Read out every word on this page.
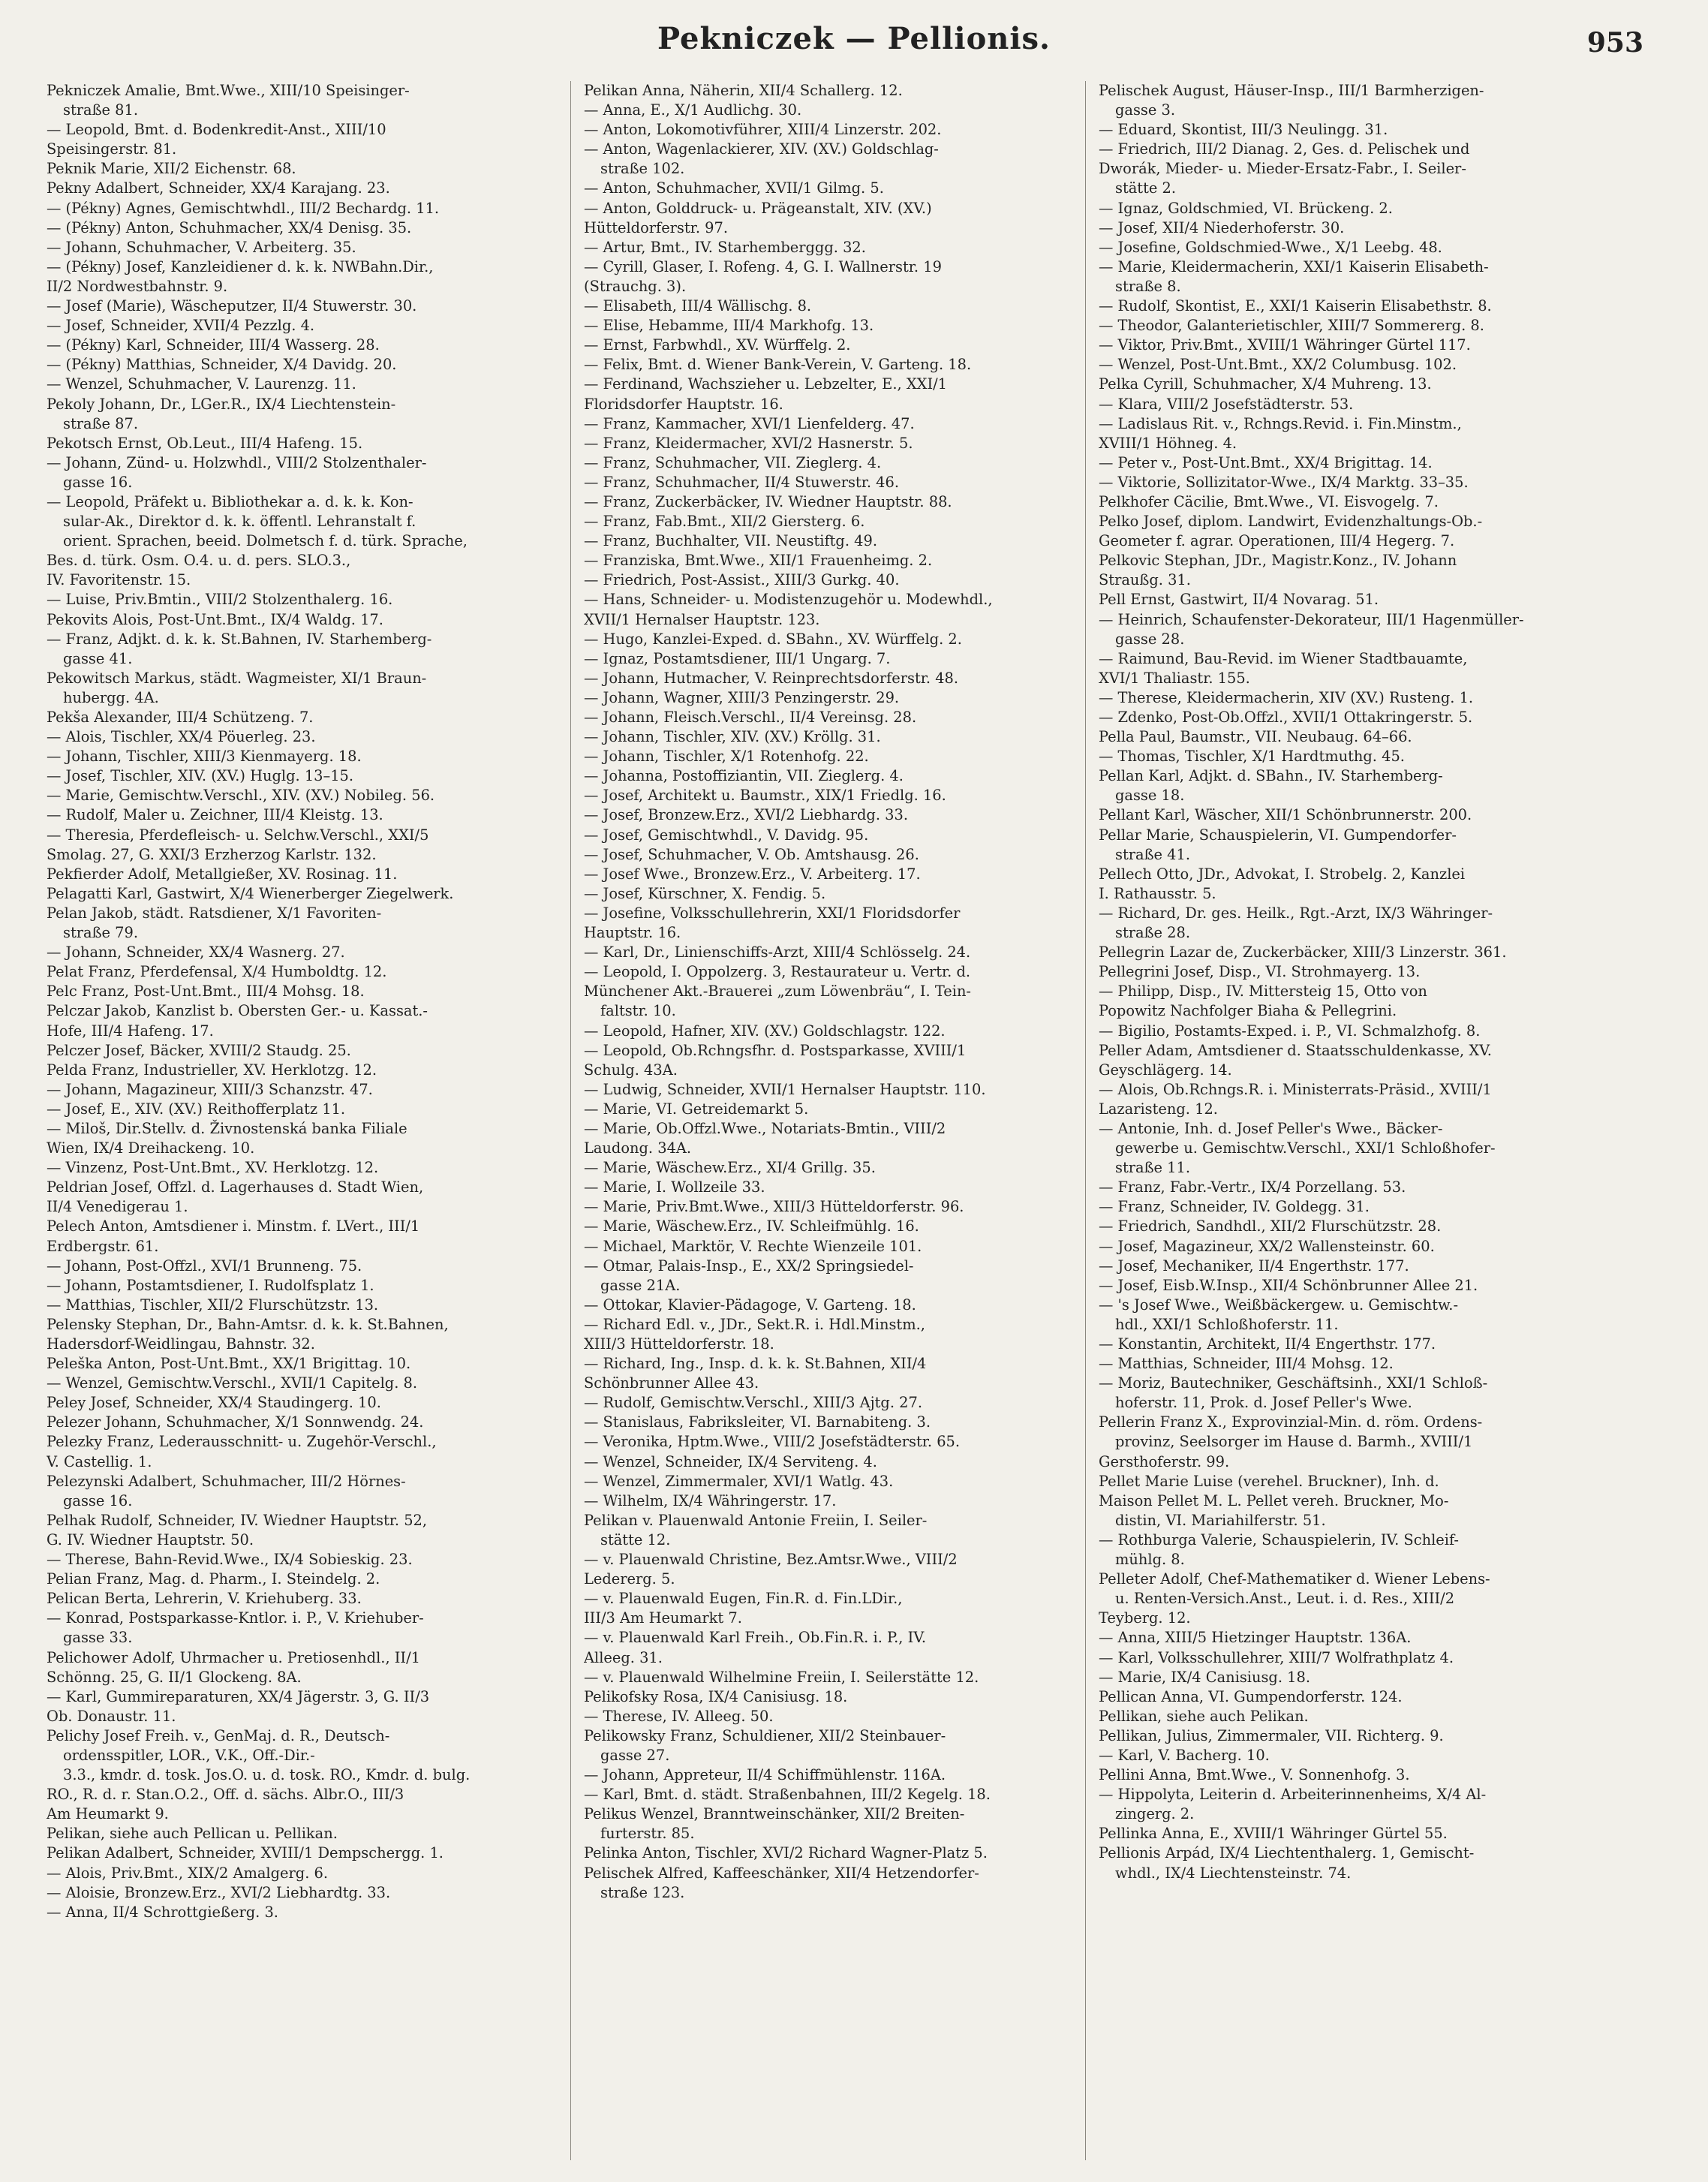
Pekniczek — Pellionis.	953
Pekniczek Amalie, Bmt.Wwe., XIII/10 Speisinger-
straße 81.
— Leopold, Bmt. d. Bodenkredit-Anst., XIII/10
Speisingerstr. 81.
Peknik Marie, XII/2 Eichenstr. 68.
Pekny Adalbert, Schneider, XX/4 Karajang. 23.
— (Pékny) Agnes, Gemischtwhdl., III/2 Bechardg. 11.
— (Pékny) Anton, Schuhmacher, XX/4 Denisg. 35.
— Johann, Schuhmacher, V. Arbeiterg. 35.
— (Pékny) Josef, Kanzleidiener d. k. k. NWBahn.Dir.,
II/2 Nordwestbahnstr. 9.
— Josef (Marie), Wäscheputzer, II/4 Stuwerstr. 30.
— Josef, Schneider, XVII/4 Pezzlg. 4.
— (Pékny) Karl, Schneider, III/4 Wasserg. 28.
— (Pékny) Matthias, Schneider, X/4 Davidg. 20.
— Wenzel, Schuhmacher, V. Laurenzg. 11.
Pekoly Johann, Dr., LGer.R., IX/4 Liechtenstein-
straße 87.
Pekotsch Ernst, Ob.Leut., III/4 Hafeng. 15.
— Johann, Zünd- u. Holzwhdl., VIII/2 Stolzenthaler-
gasse 16.
— Leopold, Präfekt u. Bibliothekar a. d. k. k. Kon-
sular-Ak., Direktor d. k. k. öffentl. Lehranstalt f.
orient. Sprachen, beeid. Dolmetsch f. d. türk. Sprache,
Bes. d. türk. Osm. O.4. u. d. pers. SLO.3.,
IV. Favoritenstr. 15.
— Luise, Priv.Bmtin., VIII/2 Stolzenthalerg. 16.
Pekovits Alois, Post-Unt.Bmt., IX/4 Waldg. 17.
— Franz, Adjkt. d. k. k. St.Bahnen, IV. Starhemberg-
gasse 41.
Pekowitsch Markus, städt. Wagmeister, XI/1 Braun-
hubergg. 4A.
Pekša Alexander, III/4 Schützeng. 7.
— Alois, Tischler, XX/4 Pöuerleg. 23.
— Johann, Tischler, XIII/3 Kienmayerg. 18.
— Josef, Tischler, XIV. (XV.) Huglg. 13–15.
— Marie, Gemischtw.Verschl., XIV. (XV.) Nobileg. 56.
— Rudolf, Maler u. Zeichner, III/4 Kleistg. 13.
— Theresia, Pferdefleisch- u. Selchw.Verschl., XXI/5
Smolag. 27, G. XXI/3 Erzherzog Karlstr. 132.
Pekfierder Adolf, Metallgießer, XV. Rosinag. 11.
Pelagatti Karl, Gastwirt, X/4 Wienerberger Ziegelwerk.
Pelan Jakob, städt. Ratsdiener, X/1 Favoriten-
straße 79.
— Johann, Schneider, XX/4 Wasnerg. 27.
Pelat Franz, Pferdefensal, X/4 Humboldtg. 12.
Pelc Franz, Post-Unt.Bmt., III/4 Mohsg. 18.
Pelczar Jakob, Kanzlist b. Obersten Ger.- u. Kassat.-
Hofe, III/4 Hafeng. 17.
Pelczer Josef, Bäcker, XVIII/2 Staudg. 25.
Pelda Franz, Industrieller, XV. Herklotzg. 12.
— Johann, Magazineur, XIII/3 Schanzstr. 47.
— Josef, E., XIV. (XV.) Reithofferplatz 11.
— Miloš, Dir.Stellv. d. Živnostenská banka Filiale
Wien, IX/4 Dreihackeng. 10.
— Vinzenz, Post-Unt.Bmt., XV. Herklotzg. 12.
Peldrian Josef, Offzl. d. Lagerhauses d. Stadt Wien,
II/4 Venedigerau 1.
Pelech Anton, Amtsdiener i. Minstm. f. LVert., III/1
Erdbergstr. 61.
— Johann, Post-Offzl., XVI/1 Brunneng. 75.
— Johann, Postamtsdiener, I. Rudolfsplatz 1.
— Matthias, Tischler, XII/2 Flurschützstr. 13.
Pelensky Stephan, Dr., Bahn-Amtsr. d. k. k. St.Bahnen,
Hadersdorf-Weidlingau, Bahnstr. 32.
Peleška Anton, Post-Unt.Bmt., XX/1 Brigittag. 10.
— Wenzel, Gemischtw.Verschl., XVII/1 Capitelg. 8.
Peley Josef, Schneider, XX/4 Staudingerg. 10.
Pelezer Johann, Schuhmacher, X/1 Sonnwendg. 24.
Pelezky Franz, Lederausschnitt- u. Zugehör-Verschl.,
V. Castellig. 1.
Pelezynski Adalbert, Schuhmacher, III/2 Hörnes-
gasse 16.
Pelhak Rudolf, Schneider, IV. Wiedner Hauptstr. 52,
G. IV. Wiedner Hauptstr. 50.
— Therese, Bahn-Revid.Wwe., IX/4 Sobieskig. 23.
Pelian Franz, Mag. d. Pharm., I. Steindelg. 2.
Pelican Berta, Lehrerin, V. Kriehuberg. 33.
— Konrad, Postsparkasse-Kntlor. i. P., V. Kriehuber-
gasse 33.
Pelichower Adolf, Uhrmacher u. Pretiosenhdl., II/1
Schönng. 25, G. II/1 Glockeng. 8A.
— Karl, Gummireparaturen, XX/4 Jägerstr. 3, G. II/3
Ob. Donaustr. 11.
Pelichy Josef Freih. v., GenMaj. d. R., Deutsch-
ordensspitler, LOR., V.K., Off.-Dir.-
3.3., kmdr. d. tosk. Jos.O. u. d. tosk. RO., Kmdr. d. bulg.
RO., R. d. r. Stan.O.2., Off. d. sächs. Albr.O., III/3
Am Heumarkt 9.
Pelikan, siehe auch Pellican u. Pellikan.
Pelikan Adalbert, Schneider, XVIII/1 Dempschergg. 1.
— Alois, Priv.Bmt., XIX/2 Amalgerg. 6.
— Aloisie, Bronzew.Erz., XVI/2 Liebhardtg. 33.
— Anna, II/4 Schrottgießerg. 3.
Pelikan Anna, Näherin, XII/4 Schallerg. 12.
— Anna, E., X/1 Audlichg. 30.
— Anton, Lokomotivführer, XIII/4 Linzerstr. 202.
— Anton, Wagenlackierer, XIV. (XV.) Goldschlag-
straße 102.
— Anton, Schuhmacher, XVII/1 Gilmg. 5.
— Anton, Golddruck- u. Prägeanstalt, XIV. (XV.)
Hütteldorferstr. 97.
— Artur, Bmt., IV. Starhemberggg. 32.
— Cyrill, Glaser, I. Rofeng. 4, G. I. Wallnerstr. 19
(Strauchg. 3).
— Elisabeth, III/4 Wällischg. 8.
— Elise, Hebamme, III/4 Markhofg. 13.
— Ernst, Farbwhdl., XV. Würffelg. 2.
— Felix, Bmt. d. Wiener Bank-Verein, V. Garteng. 18.
— Ferdinand, Wachszieher u. Lebzelter, E., XXI/1
Floridsdorfer Hauptstr. 16.
— Franz, Kammacher, XVI/1 Lienfelderg. 47.
— Franz, Kleidermacher, XVI/2 Hasnerstr. 5.
— Franz, Schuhmacher, VII. Zieglerg. 4.
— Franz, Schuhmacher, II/4 Stuwerstr. 46.
— Franz, Zuckerbäcker, IV. Wiedner Hauptstr. 88.
— Franz, Fab.Bmt., XII/2 Giersterg. 6.
— Franz, Buchhalter, VII. Neustiftg. 49.
— Franziska, Bmt.Wwe., XII/1 Frauenheimg. 2.
— Friedrich, Post-Assist., XIII/3 Gurkg. 40.
— Hans, Schneider- u. Modistenzugehör u. Modewhdl.,
XVII/1 Hernalser Hauptstr. 123.
— Hugo, Kanzlei-Exped. d. SBahn., XV. Würffelg. 2.
— Ignaz, Postamtsdiener, III/1 Ungarg. 7.
— Johann, Hutmacher, V. Reinprechtsdorferstr. 48.
— Johann, Wagner, XIII/3 Penzingerstr. 29.
— Johann, Fleisch.Verschl., II/4 Vereinsg. 28.
— Johann, Tischler, XIV. (XV.) Kröllg. 31.
— Johann, Tischler, X/1 Rotenhofg. 22.
— Johanna, Postoffiziantin, VII. Zieglerg. 4.
— Josef, Architekt u. Baumstr., XIX/1 Friedlg. 16.
— Josef, Bronzew.Erz., XVI/2 Liebhardg. 33.
— Josef, Gemischtwhdl., V. Davidg. 95.
— Josef, Schuhmacher, V. Ob. Amtshausg. 26.
— Josef Wwe., Bronzew.Erz., V. Arbeiterg. 17.
— Josef, Kürschner, X. Fendig. 5.
— Josefine, Volksschullehrerin, XXI/1 Floridsdorfer
Hauptstr. 16.
— Karl, Dr., Linienschiffs-Arzt, XIII/4 Schlösselg. 24.
— Leopold, I. Oppolzerg. 3, Restaurateur u. Vertr. d.
Münchener Akt.-Brauerei „zum Löwenbräu“, I. Tein-
faltstr. 10.
— Leopold, Hafner, XIV. (XV.) Goldschlagstr. 122.
— Leopold, Ob.Rchngsfhr. d. Postsparkasse, XVIII/1
Schulg. 43A.
— Ludwig, Schneider, XVII/1 Hernalser Hauptstr. 110.
— Marie, VI. Getreidemarkt 5.
— Marie, Ob.Offzl.Wwe., Notariats-Bmtin., VIII/2
Laudong. 34A.
— Marie, Wäschew.Erz., XI/4 Grillg. 35.
— Marie, I. Wollzeile 33.
— Marie, Priv.Bmt.Wwe., XIII/3 Hütteldorferstr. 96.
— Marie, Wäschew.Erz., IV. Schleifmühlg. 16.
— Michael, Marktör, V. Rechte Wienzeile 101.
— Otmar, Palais-Insp., E., XX/2 Springsiedel-
gasse 21A.
— Ottokar, Klavier-Pädagoge, V. Garteng. 18.
— Richard Edl. v., JDr., Sekt.R. i. Hdl.Minstm.,
XIII/3 Hütteldorferstr. 18.
— Richard, Ing., Insp. d. k. k. St.Bahnen, XII/4
Schönbrunner Allee 43.
— Rudolf, Gemischtw.Verschl., XIII/3 Ajtg. 27.
— Stanislaus, Fabriksleiter, VI. Barnabiteng. 3.
— Veronika, Hptm.Wwe., VIII/2 Josefstädterstr. 65.
— Wenzel, Schneider, IX/4 Serviteng. 4.
— Wenzel, Zimmermaler, XVI/1 Watlg. 43.
— Wilhelm, IX/4 Währingerstr. 17.
Pelikan v. Plauenwald Antonie Freiin, I. Seiler-
stätte 12.
— v. Plauenwald Christine, Bez.Amtsr.Wwe., VIII/2
Ledererg. 5.
— v. Plauenwald Eugen, Fin.R. d. Fin.LDir.,
III/3 Am Heumarkt 7.
— v. Plauenwald Karl Freih., Ob.Fin.R. i. P., IV.
Alleeg. 31.
— v. Plauenwald Wilhelmine Freiin, I. Seilerstätte 12.
Pelikofsky Rosa, IX/4 Canisiusg. 18.
— Therese, IV. Alleeg. 50.
Pelikowsky Franz, Schuldiener, XII/2 Steinbauer-
gasse 27.
— Johann, Appreteur, II/4 Schiffmühlenstr. 116A.
— Karl, Bmt. d. städt. Straßenbahnen, III/2 Kegelg. 18.
Pelikus Wenzel, Branntweinschänker, XII/2 Breiten-
furterstr. 85.
Pelinka Anton, Tischler, XVI/2 Richard Wagner-Platz 5.
Pelischek Alfred, Kaffeeschänker, XII/4 Hetzendorfer-
straße 123.
Pelischek August, Häuser-Insp., III/1 Barmherzigen-
gasse 3.
— Eduard, Skontist, III/3 Neulingg. 31.
— Friedrich, III/2 Dianag. 2, Ges. d. Pelischek und
Dworák, Mieder- u. Mieder-Ersatz-Fabr., I. Seiler-
stätte 2.
— Ignaz, Goldschmied, VI. Brückeng. 2.
— Josef, XII/4 Niederhoferstr. 30.
— Josefine, Goldschmied-Wwe., X/1 Leebg. 48.
— Marie, Kleidermacherin, XXI/1 Kaiserin Elisabeth-
straße 8.
— Rudolf, Skontist, E., XXI/1 Kaiserin Elisabethstr. 8.
— Theodor, Galanterietischler, XIII/7 Sommererg. 8.
— Viktor, Priv.Bmt., XVIII/1 Währinger Gürtel 117.
— Wenzel, Post-Unt.Bmt., XX/2 Columbusg. 102.
Pelka Cyrill, Schuhmacher, X/4 Muhreng. 13.
— Klara, VIII/2 Josefstädterstr. 53.
— Ladislaus Rit. v., Rchngs.Revid. i. Fin.Minstm.,
XVIII/1 Höhneg. 4.
— Peter v., Post-Unt.Bmt., XX/4 Brigittag. 14.
— Viktorie, Sollizitator-Wwe., IX/4 Marktg. 33–35.
Pelkhofer Cäcilie, Bmt.Wwe., VI. Eisvogelg. 7.
Pelko Josef, diplom. Landwirt, Evidenzhaltungs-Ob.-
Geometer f. agrar. Operationen, III/4 Hegerg. 7.
Pelkovic Stephan, JDr., Magistr.Konz., IV. Johann
Straußg. 31.
Pell Ernst, Gastwirt, II/4 Novarag. 51.
— Heinrich, Schaufenster-Dekorateur, III/1 Hagenmüller-
gasse 28.
— Raimund, Bau-Revid. im Wiener Stadtbauamte,
XVI/1 Thaliastr. 155.
— Therese, Kleidermacherin, XIV (XV.) Rusteng. 1.
— Zdenko, Post-Ob.Offzl., XVII/1 Ottakringerstr. 5.
Pella Paul, Baumstr., VII. Neubaug. 64–66.
— Thomas, Tischler, X/1 Hardtmuthg. 45.
Pellan Karl, Adjkt. d. SBahn., IV. Starhemberg-
gasse 18.
Pellant Karl, Wäscher, XII/1 Schönbrunnerstr. 200.
Pellar Marie, Schauspielerin, VI. Gumpendorfer-
straße 41.
Pellech Otto, JDr., Advokat, I. Strobelg. 2, Kanzlei
I. Rathausstr. 5.
— Richard, Dr. ges. Heilk., Rgt.-Arzt, IX/3 Währinger-
straße 28.
Pellegrin Lazar de, Zuckerbäcker, XIII/3 Linzerstr. 361.
Pellegrini Josef, Disp., VI. Strohmayerg. 13.
— Philipp, Disp., IV. Mittersteig 15, Otto von
Popowitz Nachfolger Biaha & Pellegrini.
— Bigilio, Postamts-Exped. i. P., VI. Schmalzhofg. 8.
Peller Adam, Amtsdiener d. Staatsschuldenkasse, XV.
Geyschlägerg. 14.
— Alois, Ob.Rchngs.R. i. Ministerrats-Präsid., XVIII/1
Lazaristeng. 12.
— Antonie, Inh. d. Josef Peller's Wwe., Bäcker-
gewerbe u. Gemischtw.Verschl., XXI/1 Schloßhofer-
straße 11.
— Franz, Fabr.-Vertr., IX/4 Porzellang. 53.
— Franz, Schneider, IV. Goldegg. 31.
— Friedrich, Sandhdl., XII/2 Flurschützstr. 28.
— Josef, Magazineur, XX/2 Wallensteinstr. 60.
— Josef, Mechaniker, II/4 Engerthstr. 177.
— Josef, Eisb.W.Insp., XII/4 Schönbrunner Allee 21.
— 's Josef Wwe., Weißbäckergew. u. Gemischtw.-
hdl., XXI/1 Schloßhoferstr. 11.
— Konstantin, Architekt, II/4 Engerthstr. 177.
— Matthias, Schneider, III/4 Mohsg. 12.
— Moriz, Bautechniker, Geschäftsinh., XXI/1 Schloß-
hoferstr. 11, Prok. d. Josef Peller's Wwe.
Pellerin Franz X., Exprovinzial-Min. d. röm. Ordens-
provinz, Seelsorger im Hause d. Barmh., XVIII/1
Gersthoferstr. 99.
Pellet Marie Luise (verehel. Bruckner), Inh. d.
Maison Pellet M. L. Pellet vereh. Bruckner, Mo-
distin, VI. Mariahilferstr. 51.
— Rothburga Valerie, Schauspielerin, IV. Schleif-
mühlg. 8.
Pelleter Adolf, Chef-Mathematiker d. Wiener Lebens-
u. Renten-Versich.Anst., Leut. i. d. Res., XIII/2
Teyberg. 12.
— Anna, XIII/5 Hietzinger Hauptstr. 136A.
— Karl, Volksschullehrer, XIII/7 Wolfrathplatz 4.
— Marie, IX/4 Canisiusg. 18.
Pellican Anna, VI. Gumpendorferstr. 124.
Pellikan, siehe auch Pelikan.
Pellikan, Julius, Zimmermaler, VII. Richterg. 9.
— Karl, V. Bacherg. 10.
Pellini Anna, Bmt.Wwe., V. Sonnenhofg. 3.
— Hippolyta, Leiterin d. Arbeiterinnenheims, X/4 Al-
zingerg. 2.
Pellinka Anna, E., XVIII/1 Währinger Gürtel 55.
Pellionis Arpád, IX/4 Liechtenthalerg. 1, Gemischt-
whdl., IX/4 Liechtensteinstr. 74.
